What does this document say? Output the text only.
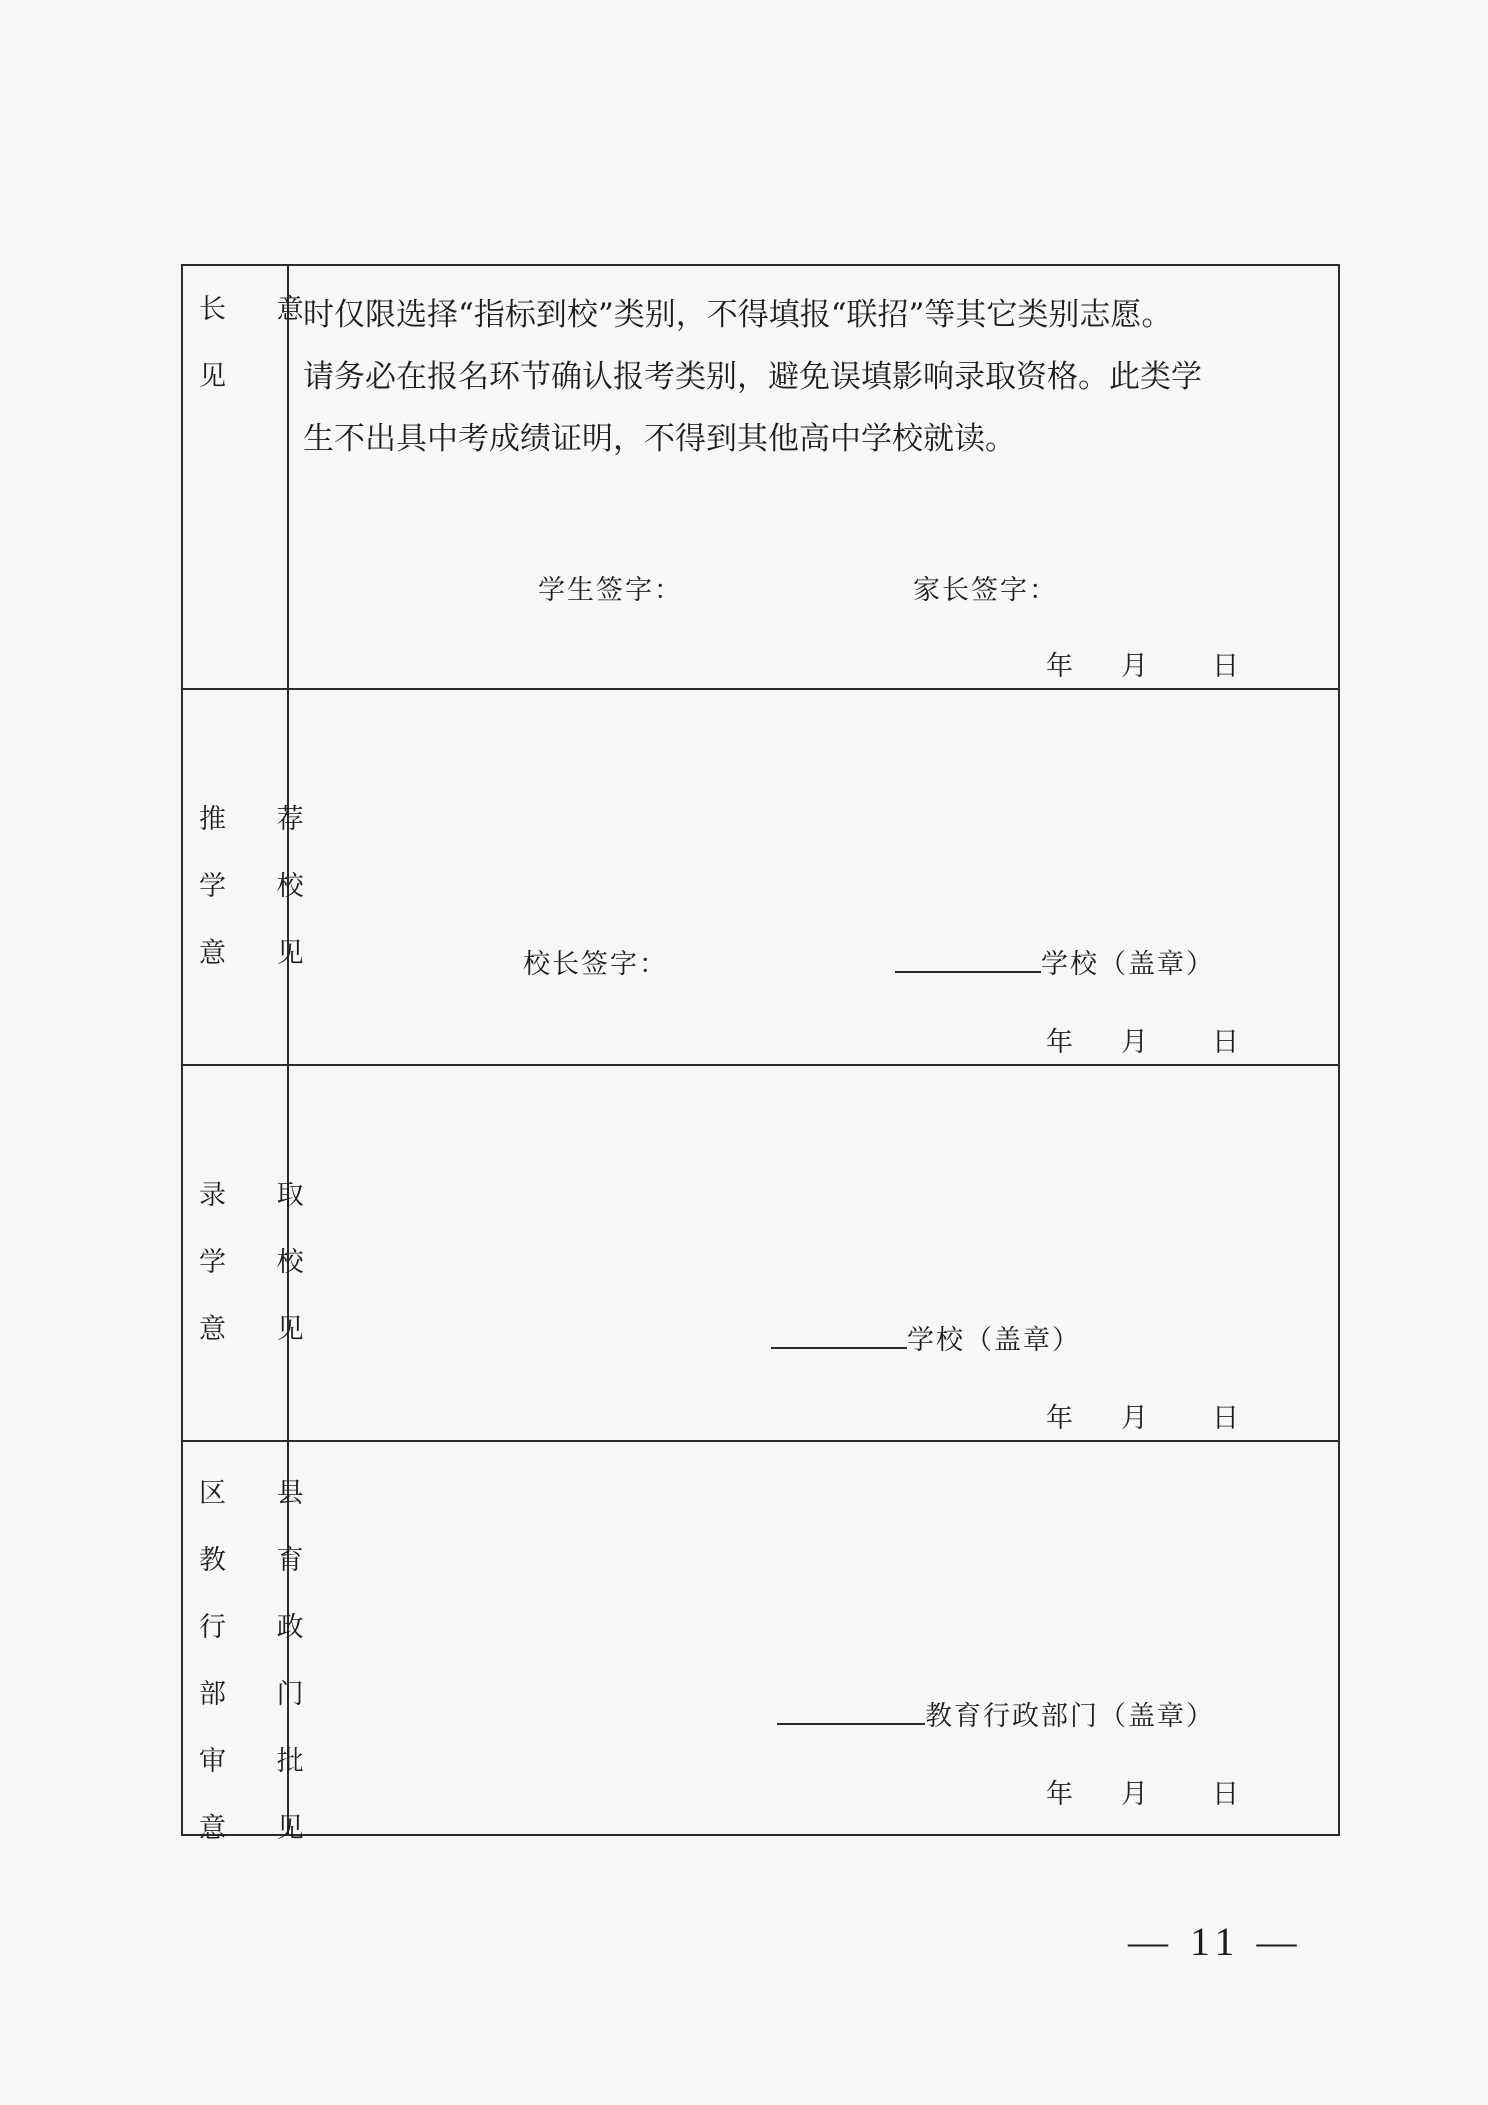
长 意
见
时仅限选择“指标到校”类别，不得填报“联招”等其它类别志愿。
请务必在报名环节确认报考类别，避免误填影响录取资格。此类学
生不出具中考成绩证明，不得到其他高中学校就读。
学生签字：	家长签字：
年 月 日
推 荐
学 校
意 见	校长签字：	学校（盖章）
年 月 日
录 取
学 校
意 见	学校（盖章）
年 月 日
区 县
教 育
行 政
部 门
审 批
意 见
教育行政部门（盖章）
年 月 日
— 11 —
